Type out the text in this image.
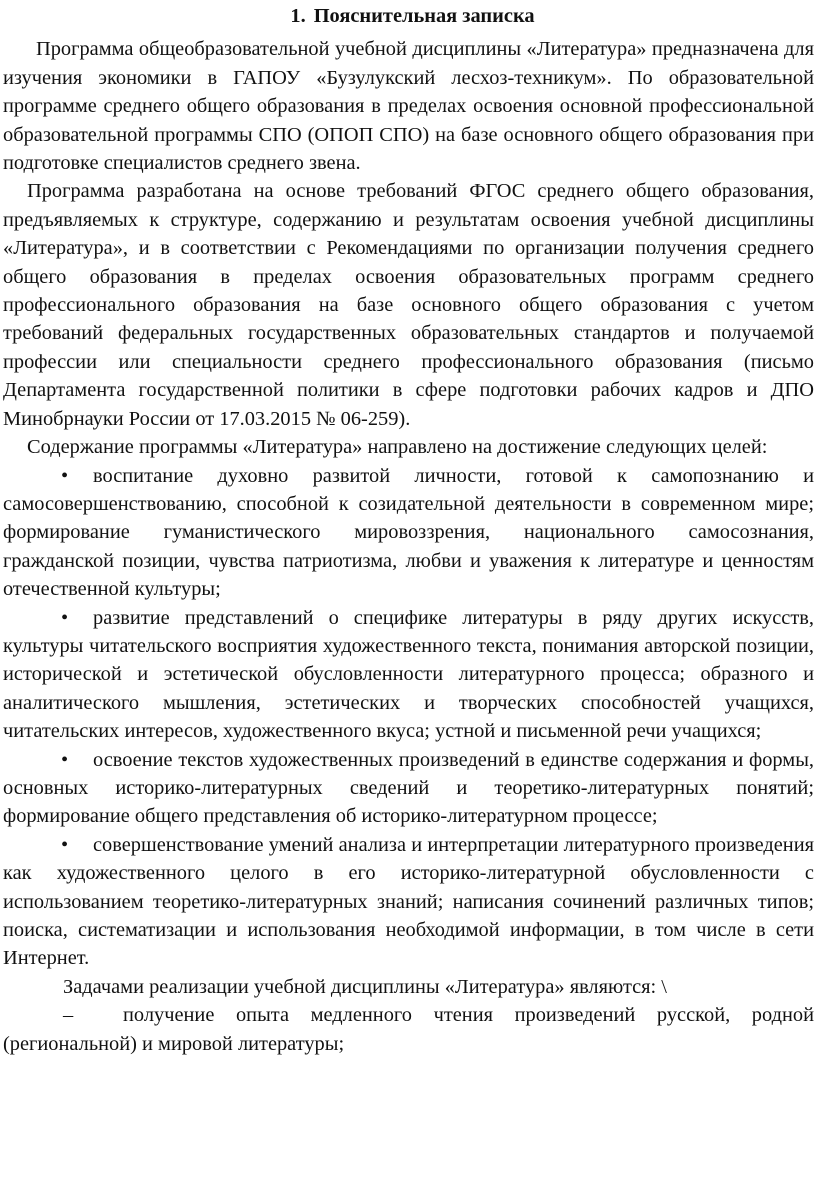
1. Пояснительная записка

Программа общеобразовательной учебной дисциплины «Литература» предназначена для изучения экономики в ГАПОУ «Бузулукский лесхоз-техникум». По образовательной программе среднего общего образования в пределах освоения основной профессиональной образовательной программы СПО (ОПОП СПО) на базе основного общего образования при подготовке специалистов среднего звена.

Программа разработана на основе требований ФГОС среднего общего образования, предъявляемых к структуре, содержанию и результатам освоения учебной дисциплины «Литература», и в соответствии с Рекомендациями по организации получения среднего общего образования в пределах освоения образовательных программ среднего профессионального образования на базе основного общего образования с учетом требований федеральных государственных образовательных стандартов и получаемой профессии или специальности среднего профессионального образования (письмо Департамента государственной политики в сфере подготовки рабочих кадров и ДПО Минобрнауки России от 17.03.2015 № 06-259).

Содержание программы «Литература» направлено на достижение следующих целей:

• воспитание духовно развитой личности, готовой к самопознанию и самосовершенствованию, способной к созидательной деятельности в современном мире; формирование гуманистического мировоззрения, национального самосознания, гражданской позиции, чувства патриотизма, любви и уважения к литературе и ценностям отечественной культуры;

• развитие представлений о специфике литературы в ряду других искусств, культуры читательского восприятия художественного текста, понимания авторской позиции, исторической и эстетической обусловленности литературного процесса; образного и аналитического мышления, эстетических и творческих способностей учащихся, читательских интересов, художественного вкуса; устной и письменной речи учащихся;

• освоение текстов художественных произведений в единстве содержания и формы, основных историко-литературных сведений и теоретико-литературных понятий; формирование общего представления об историко-литературном процессе;

• совершенствование умений анализа и интерпретации литературного произведения как художественного целого в его историко-литературной обусловленности с использованием теоретико-литературных знаний; написания сочинений различных типов; поиска, систематизации и использования необходимой информации, в том числе в сети Интернет.

Задачами реализации учебной дисциплины «Литература» являются: \

– получение опыта медленного чтения произведений русской, родной (региональной) и мировой литературы;
